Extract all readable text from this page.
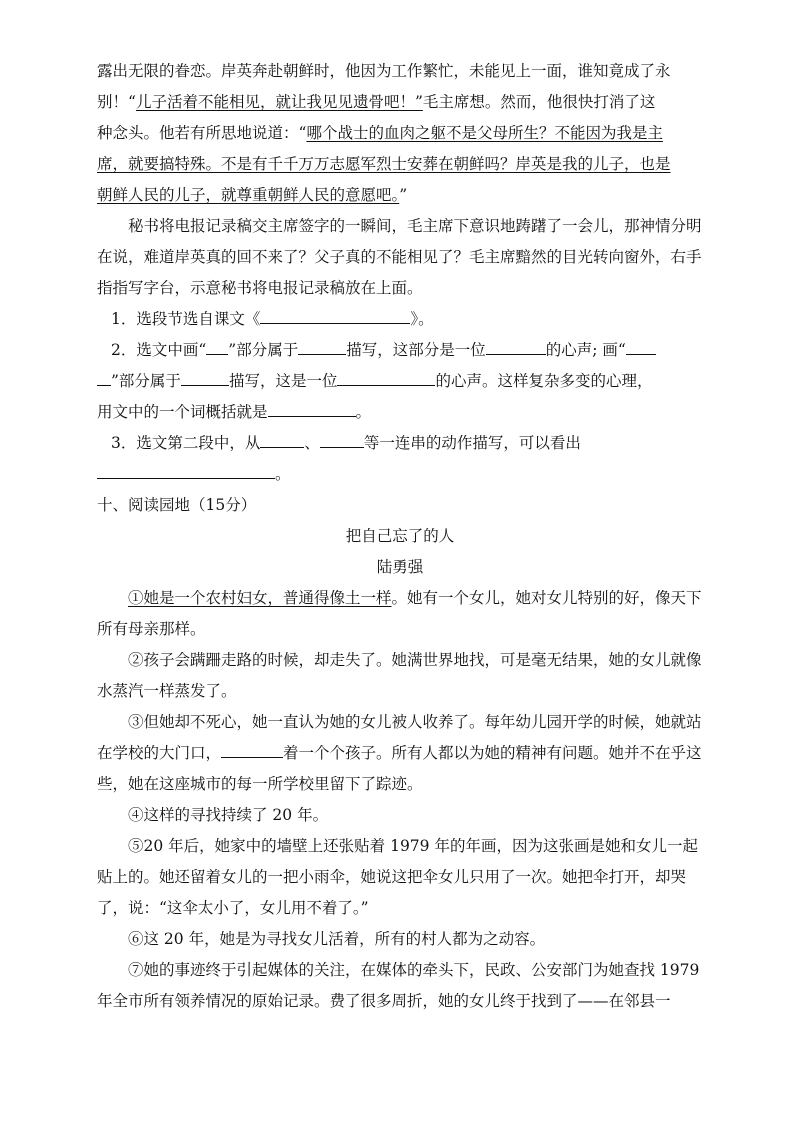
露出无限的眷恋。岸英奔赴朝鲜时，他因为工作繁忙，未能见上一面，谁知竟成了永

别！“儿子活着不能相见，就让我见见遗骨吧！”毛主席想。然而，他很快打消了这

种念头。他若有所思地说道：“哪个战士的血肉之躯不是父母所生？不能因为我是主

席，就要搞特殊。不是有千千万万志愿军烈士安葬在朝鲜吗？岸英是我的儿子，也是

朝鲜人民的儿子，就尊重朝鲜人民的意愿吧。”

秘书将电报记录稿交主席签字的一瞬间，毛主席下意识地踌躇了一会儿，那神情分明在说，难道岸英真的回不来了？父子真的不能相见了？毛主席黯然的目光转向窗外，右手指指写字台，示意秘书将电报记录稿放在上面。

1．选段节选自课文《	》。

2．选文中画“ ”部分属于	描写，这部分是一位	的心声; 画“

”部分属于	描写，这是一位	的心声。这样复杂多变的心理，

用文中的一个词概括就是	。

3．选文第二段中，从	、	等一连串的动作描写，可以看出

。

十、阅读园地（15分）

把自己忘了的人

陆勇强

①她是一个农村妇女，普通得像土一样。她有一个女儿，她对女儿特别的好，像天下所有母亲那样。

②孩子会蹒跚走路的时候，却走失了。她满世界地找，可是毫无结果，她的女儿就像水蒸汽一样蒸发了。

③但她却不死心，她一直认为她的女儿被人收养了。每年幼儿园开学的时候，她就站在学校的大门口，	着一个个孩子。所有人都以为她的精神有问题。她并不在乎这些，她在这座城市的每一所学校里留下了踪迹。

④这样的寻找持续了 20 年。

⑤20 年后，她家中的墙壁上还张贴着 1979 年的年画，因为这张画是她和女儿一起贴上的。她还留着女儿的一把小雨伞，她说这把伞女儿只用了一次。她把伞打开，却哭了，说：“这伞太小了，女儿用不着了。”

⑥这 20 年，她是为寻找女儿活着，所有的村人都为之动容。

⑦她的事迹终于引起媒体的关注，在媒体的牵头下，民政、公安部门为她查找 1979 年全市所有领养情况的原始记录。费了很多周折，她的女儿终于找到了——在邻县一
